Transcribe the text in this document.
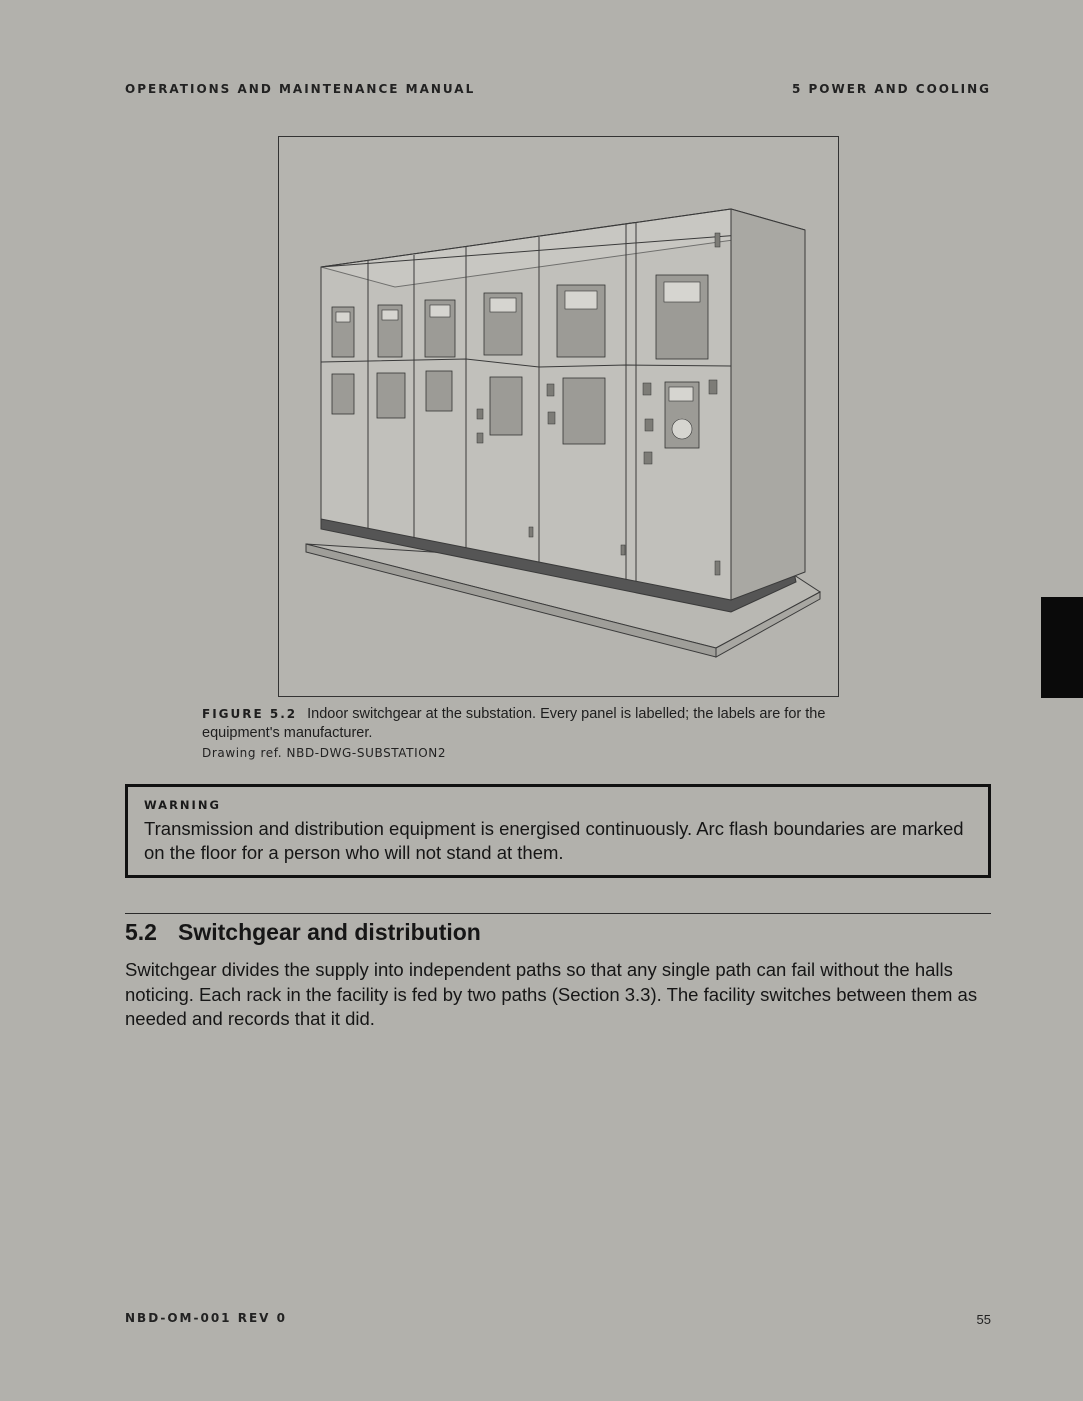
OPERATIONS AND MAINTENANCE MANUAL	5 POWER AND COOLING
FIGURE 5.2 Indoor switchgear at the substation. Every panel is labelled; the labels are for the equipment's manufacturer.
Drawing ref. NBD-DWG-SUBSTATION2
WARNING
Transmission and distribution equipment is energised continuously. Arc flash boundaries are marked on the floor for a person who will not stand at them.
5.2 Switchgear and distribution
Switchgear divides the supply into independent paths so that any single path can fail without the halls noticing. Each rack in the facility is fed by two paths (Section 3.3). The facility switches between them as needed and records that it did.
NBD-OM-001 REV 0	55
